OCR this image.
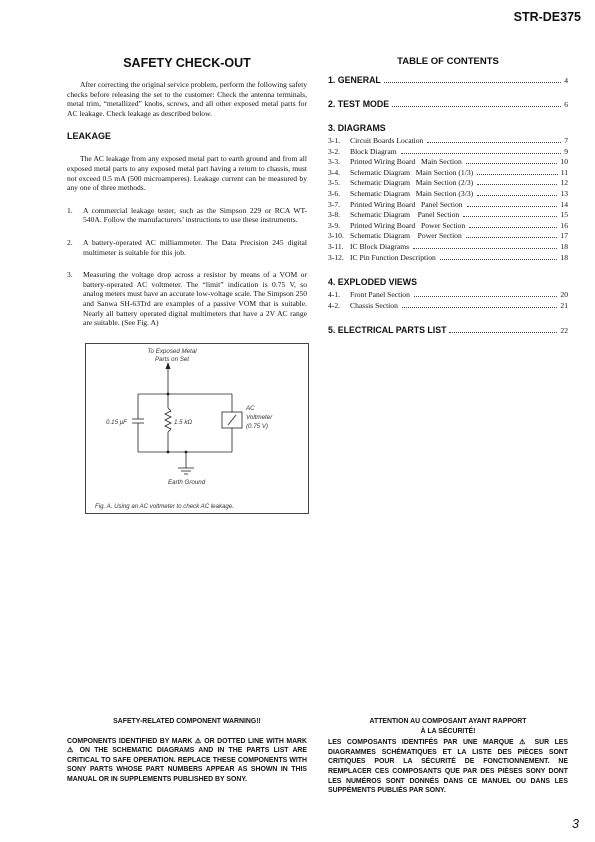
STR-DE375
SAFETY CHECK-OUT

After correcting the original service problem, perform the following safety checks before releasing the set to the customer: Check the antenna terminals, metal trim, “metallized” knobs, screws, and all other exposed metal parts for AC leakage. Check leakage as described below.

LEAKAGE

The AC leakage from any exposed metal part to earth ground and from all exposed metal parts to any exposed metal part having a return to chassis, must not exceed 0.5 mA (500 microamperes). Leakage current can be measured by any one of three methods.

1.	A commercial leakage tester, such as the Simpson 229 or RCA WT-540A. Follow the manufacturers’ instructions to use these instruments.
2.	A battery-operated AC milliammeter. The Data Precision 245 digital multimeter is suitable for this job.
3.	Measuring the voltage drop across a resistor by means of a VOM or battery-operated AC voltmeter. The “limit” indication is 0.75 V, so analog meters must have an accurate low-voltage scale. The Simpson 250 and Sanwa SH-63Trd are examples of a passive VOM that is suitable. Nearly all battery operated digital multimeters that have a 2V AC range are suitable. (See Fig. A)
To Exposed Metal
Parts on Set
0.15 μF	1.5 kΩ
AC
Voltmeter
(0.75 V)
Earth Ground
Fig. A. Using an AC voltmeter to check AC leakage.
TABLE OF CONTENTS
1. GENERAL	4
2. TEST MODE	6
3. DIAGRAMS
3-1.	Circuit Boards Location	7
3-2.	Block Diagram	9
3-3.	Printed Wiring Board   Main Section	10
3-4.	Schematic Diagram   Main Section (1/3)	11
3-5.	Schematic Diagram   Main Section (2/3)	12
3-6.	Schematic Diagram   Main Section (3/3)	13
3-7.	Printed Wiring Board   Panel Section	14
3-8.	Schematic Diagram    Panel Section	15
3-9.	Printed Wiring Board   Power Section	16
3-10. Schematic Diagram    Power Section	17
3-11. IC Block Diagrams	18
3-12. IC Pin Function Description	18
4. EXPLODED VIEWS
4-1.	Front Panel Section	20
4-2.	Chassis Section	21
5. ELECTRICAL PARTS LIST	22
SAFETY-RELATED COMPONENT WARNING!!
COMPONENTS IDENTIFIED BY MARK ⚠ OR DOTTED LINE WITH MARK ⚠ ON THE SCHEMATIC DIAGRAMS AND IN THE PARTS LIST ARE CRITICAL TO SAFE OPERATION. REPLACE THESE COMPONENTS WITH SONY PARTS WHOSE PART NUMBERS APPEAR AS SHOWN IN THIS MANUAL OR IN SUPPLEMENTS PUBLISHED BY SONY.
ATTENTION AU COMPOSANT AYANT RAPPORT
À LA SÉCURITÉ!
LES COMPOSANTS IDENTIFÉS PAR UNE MARQUE ⚠ SUR LES DIAGRAMMES SCHÉMATIQUES ET LA LISTE DES PIÈCES SONT CRITIQUES POUR LA SÉCURITÉ DE FONCTIONNEMENT. NE REMPLACER CES COMPOSANTS QUE PAR DES PIÈSES SONY DONT LES NUMÉROS SONT DONNÉS DANS CE MANUEL OU DANS LES SUPPÉMENTS PUBLIÉS PAR SONY.
3
